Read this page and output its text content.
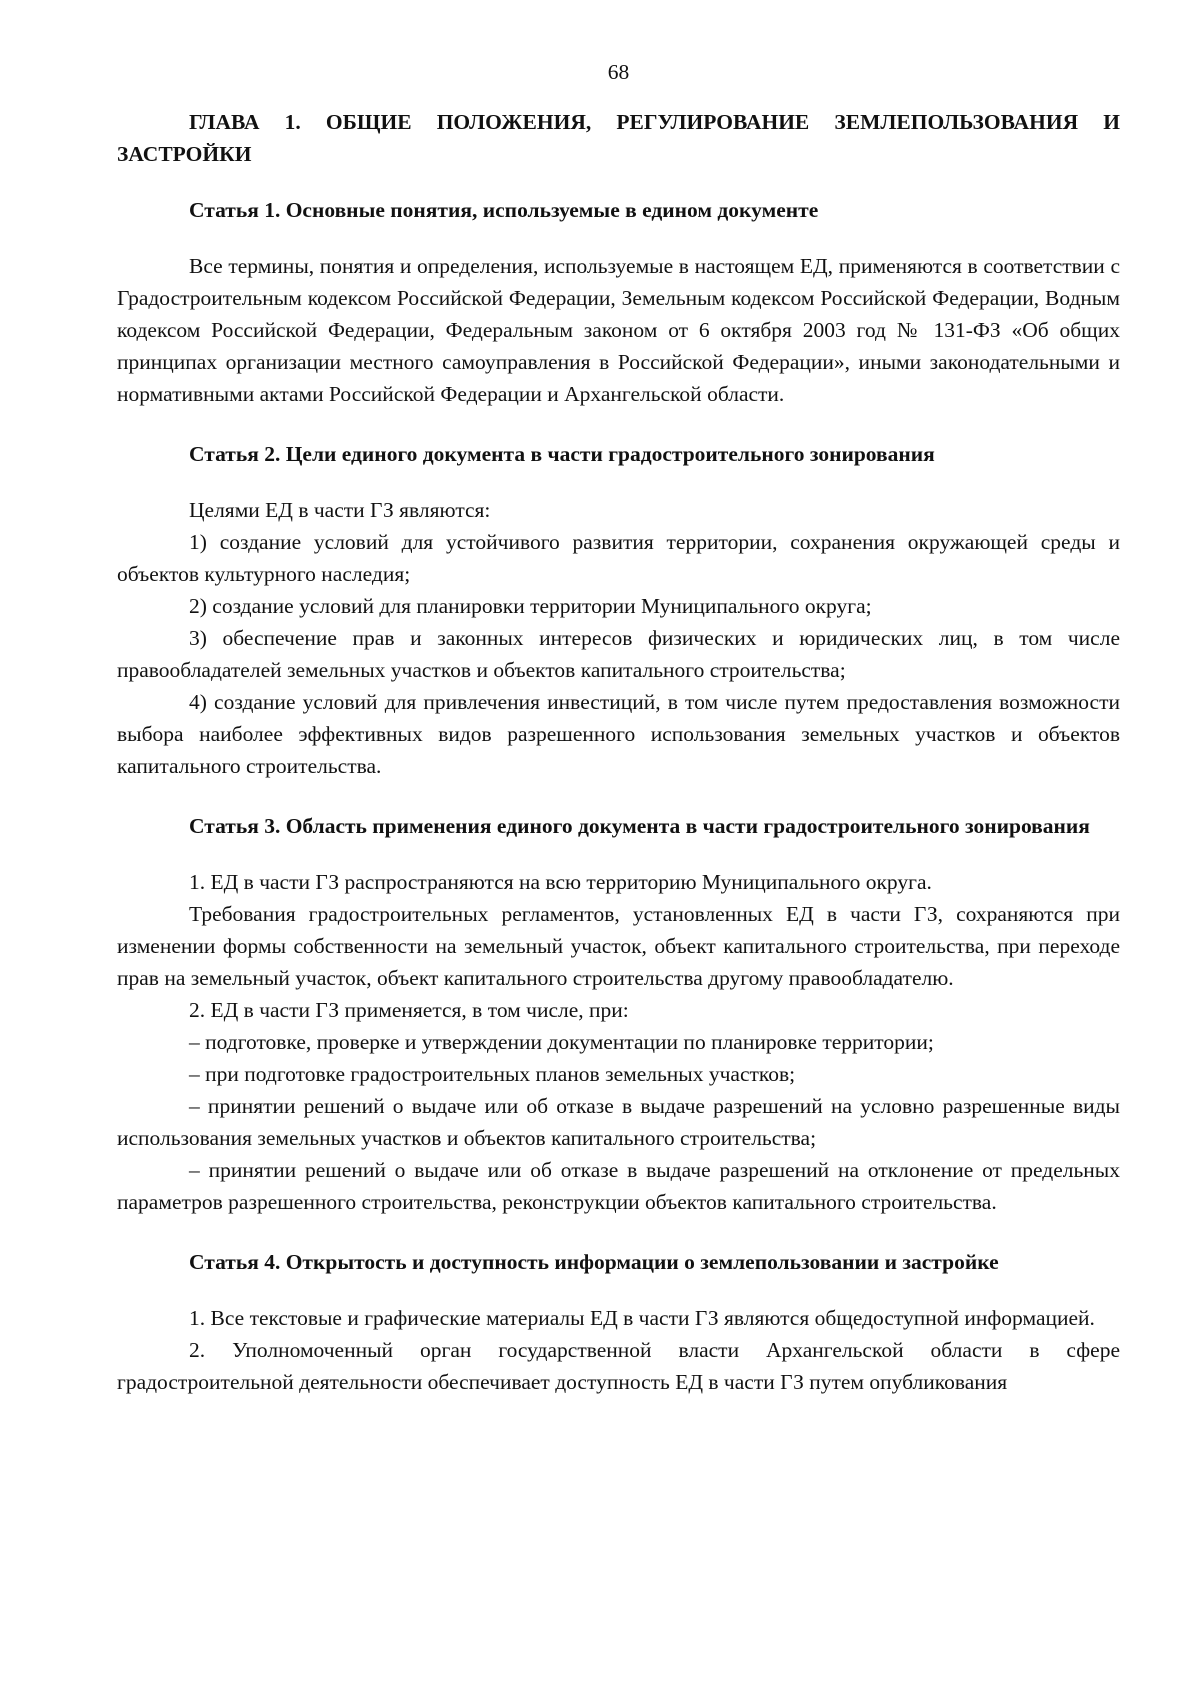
68
ГЛАВА 1. ОБЩИЕ ПОЛОЖЕНИЯ, РЕГУЛИРОВАНИЕ ЗЕМЛЕПОЛЬЗОВАНИЯ И ЗАСТРОЙКИ
Статья 1. Основные понятия, используемые в едином документе

Все термины, понятия и определения, используемые в настоящем ЕД, применяются в соответствии с Градостроительным кодексом Российской Федерации, Земельным кодексом Российской Федерации, Водным кодексом Российской Федерации, Федеральным законом от 6 октября 2003 год № 131-ФЗ «Об общих принципах организации местного самоуправления в Российской Федерации», иными законодательными и нормативными актами Российской Федерации и Архангельской области.

Статья 2. Цели единого документа в части градостроительного зонирования

Целями ЕД в части ГЗ являются:

1) создание условий для устойчивого развития территории, сохранения окружающей среды и объектов культурного наследия;

2) создание условий для планировки территории Муниципального округа;

3) обеспечение прав и законных интересов физических и юридических лиц, в том числе правообладателей земельных участков и объектов капитального строительства;

4) создание условий для привлечения инвестиций, в том числе путем предоставления возможности выбора наиболее эффективных видов разрешенного использования земельных участков и объектов капитального строительства.

Статья 3. Область применения единого документа в части градостроительного зонирования

1. ЕД в части ГЗ распространяются на всю территорию Муниципального округа.

Требования градостроительных регламентов, установленных ЕД в части ГЗ, сохраняются при изменении формы собственности на земельный участок, объект капитального строительства, при переходе прав на земельный участок, объект капитального строительства другому правообладателю.

2. ЕД в части ГЗ применяется, в том числе, при:

– подготовке, проверке и утверждении документации по планировке территории;

– при подготовке градостроительных планов земельных участков;

– принятии решений о выдаче или об отказе в выдаче разрешений на условно разрешенные виды использования земельных участков и объектов капитального строительства;

– принятии решений о выдаче или об отказе в выдаче разрешений на отклонение от предельных параметров разрешенного строительства, реконструкции объектов капитального строительства.

Статья 4. Открытость и доступность информации о землепользовании и застройке

1. Все текстовые и графические материалы ЕД в части ГЗ являются общедоступной информацией.

2. Уполномоченный орган государственной власти Архангельской области в сфере градостроительной деятельности обеспечивает доступность ЕД в части ГЗ путем опубликования
